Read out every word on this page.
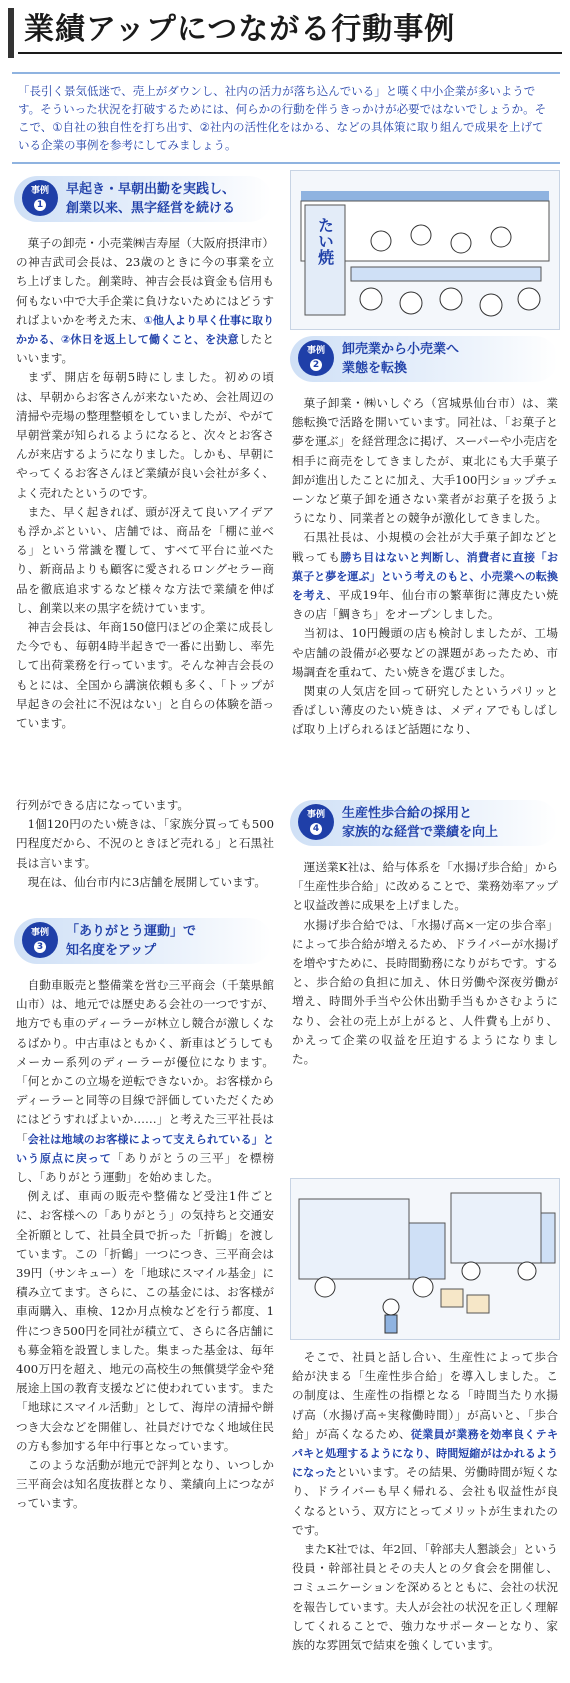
業績アップにつながる行動事例
「長引く景気低迷で、売上がダウンし、社内の活力が落ち込んでいる」と嘆く中小企業が多いようです。そういった状況を打破するためには、何らかの行動を伴うきっかけが必要ではないでしょうか。そこで、①自社の独自性を打ち出す、②社内の活性化をはかる、などの具体策に取り組んで成果を上げている企業の事例を参考にしてみましょう。
事例
1
早起き・早朝出勤を実践し、
創業以来、黒字経営を続ける

菓子の卸売・小売業㈱吉寿屋（大阪府摂津市）の神吉武司会長は、23歳のときに今の事業を立ち上げました。創業時、神吉会長は資金も信用も何もない中で大手企業に負けないためにはどうすればよいかを考えた末、①他人より早く仕事に取りかかる、②休日を返上して働くこと、を決意したといいます。

まず、開店を毎朝5時にしました。初めの頃は、早朝からお客さんが来ないため、会社周辺の清掃や売場の整理整頓をしていましたが、やがて早朝営業が知られるようになると、次々とお客さんが来店するようになりました。しかも、早朝にやってくるお客さんほど業績が良い会社が多く、よく売れたというのです。

また、早く起きれば、頭が冴えて良いアイデアも浮かぶといい、店舗では、商品を「棚に並べる」という常識を覆して、すべて平台に並べたり、新商品よりも顧客に愛されるロングセラー商品を徹底追求するなど様々な方法で業績を伸ばし、創業以来の黒字を続けています。

神吉会長は、年商150億円ほどの企業に成長した今でも、毎朝4時半起きで一番に出勤し、率先して出荷業務を行っています。そんな神吉会長のもとには、全国から講演依頼も多く、「トップが早起きの会社に不況はない」と自らの体験を語っています。

行列ができる店になっています。

1個120円のたい焼きは、「家族分買っても500円程度だから、不況のときほど売れる」と石黒社長は言います。

現在は、仙台市内に3店舗を展開しています。

事例
3
「ありがとう運動」で
知名度をアップ

自動車販売と整備業を営む三平商会（千葉県館山市）は、地元では歴史ある会社の一つですが、地方でも車のディーラーが林立し競合が激しくなるばかり。中古車はともかく、新車はどうしてもメーカー系列のディーラーが優位になります。「何とかこの立場を逆転できないか。お客様からディーラーと同等の目線で評価していただくためにはどうすればよいか……」と考えた三平社長は「会社は地域のお客様によって支えられている」という原点に戻って「ありがとうの三平」を標榜し、「ありがとう運動」を始めました。

例えば、車両の販売や整備など受注1件ごとに、お客様への「ありがとう」の気持ちと交通安全祈願として、社員全員で折った「折鶴」を渡しています。この「折鶴」一つにつき、三平商会は39円（サンキュー）を「地球にスマイル基金」に積み立てます。さらに、この基金には、お客様が車両購入、車検、12か月点検などを行う都度、1件につき500円を同社が積立て、さらに各店舗にも募金箱を設置しました。集まった基金は、毎年400万円を超え、地元の高校生の無償奨学金や発展途上国の教育支援などに使われています。また「地球にスマイル活動」として、海岸の清掃や餅つき大会などを開催し、社員だけでなく地域住民の方も参加する年中行事となっています。

このような活動が地元で評判となり、いつしか三平商会は知名度抜群となり、業績向上につながっています。

たい焼
事例
2
卸売業から小売業へ
業態を転換

菓子卸業・㈱いしぐろ（宮城県仙台市）は、業態転換で活路を開いています。同社は、「お菓子と夢を運ぶ」を経営理念に掲げ、スーパーや小売店を相手に商売をしてきましたが、東北にも大手菓子卸が進出したことに加え、大手100円ショップチェーンなど菓子卸を通さない業者がお菓子を扱うようになり、同業者との競争が激化してきました。

石黒社長は、小規模の会社が大手菓子卸などと戦っても勝ち目はないと判断し、消費者に直接「お菓子と夢を運ぶ」という考えのもと、小売業への転換を考え、平成19年、仙台市の繁華街に薄皮たい焼きの店「鯛きち」をオープンしました。

当初は、10円饅頭の店も検討しましたが、工場や店舗の設備が必要などの課題があったため、市場調査を重ねて、たい焼きを選びました。

関東の人気店を回って研究したというパリッと香ばしい薄皮のたい焼きは、メディアでもしばしば取り上げられるほど話題になり、

事例
4
生産性歩合給の採用と
家族的な経営で業績を向上

運送業K社は、給与体系を「水揚げ歩合給」から「生産性歩合給」に改めることで、業務効率アップと収益改善に成果を上げました。

水揚げ歩合給では、「水揚げ高×一定の歩合率」によって歩合給が増えるため、ドライバーが水揚げを増やすために、長時間勤務になりがちです。すると、歩合給の負担に加え、休日労働や深夜労働が増え、時間外手当や公休出勤手当もかさむようになり、会社の売上が上がると、人件費も上がり、かえって企業の収益を圧迫するようになりました。

そこで、社員と話し合い、生産性によって歩合給が決まる「生産性歩合給」を導入しました。この制度は、生産性の指標となる「時間当たり水揚げ高（水揚げ高÷実稼働時間）」が高いと、「歩合給」が高くなるため、従業員が業務を効率良くテキパキと処理するようになり、時間短縮がはかれるようになったといいます。その結果、労働時間が短くなり、ドライバーも早く帰れる、会社も収益性が良くなるという、双方にとってメリットが生まれたのです。

またK社では、年2回、「幹部夫人懇談会」という役員・幹部社員とその夫人との夕食会を開催し、コミュニケーションを深めるとともに、会社の状況を報告しています。夫人が会社の状況を正しく理解してくれることで、強力なサポーターとなり、家族的な雰囲気で結束を強くしています。
